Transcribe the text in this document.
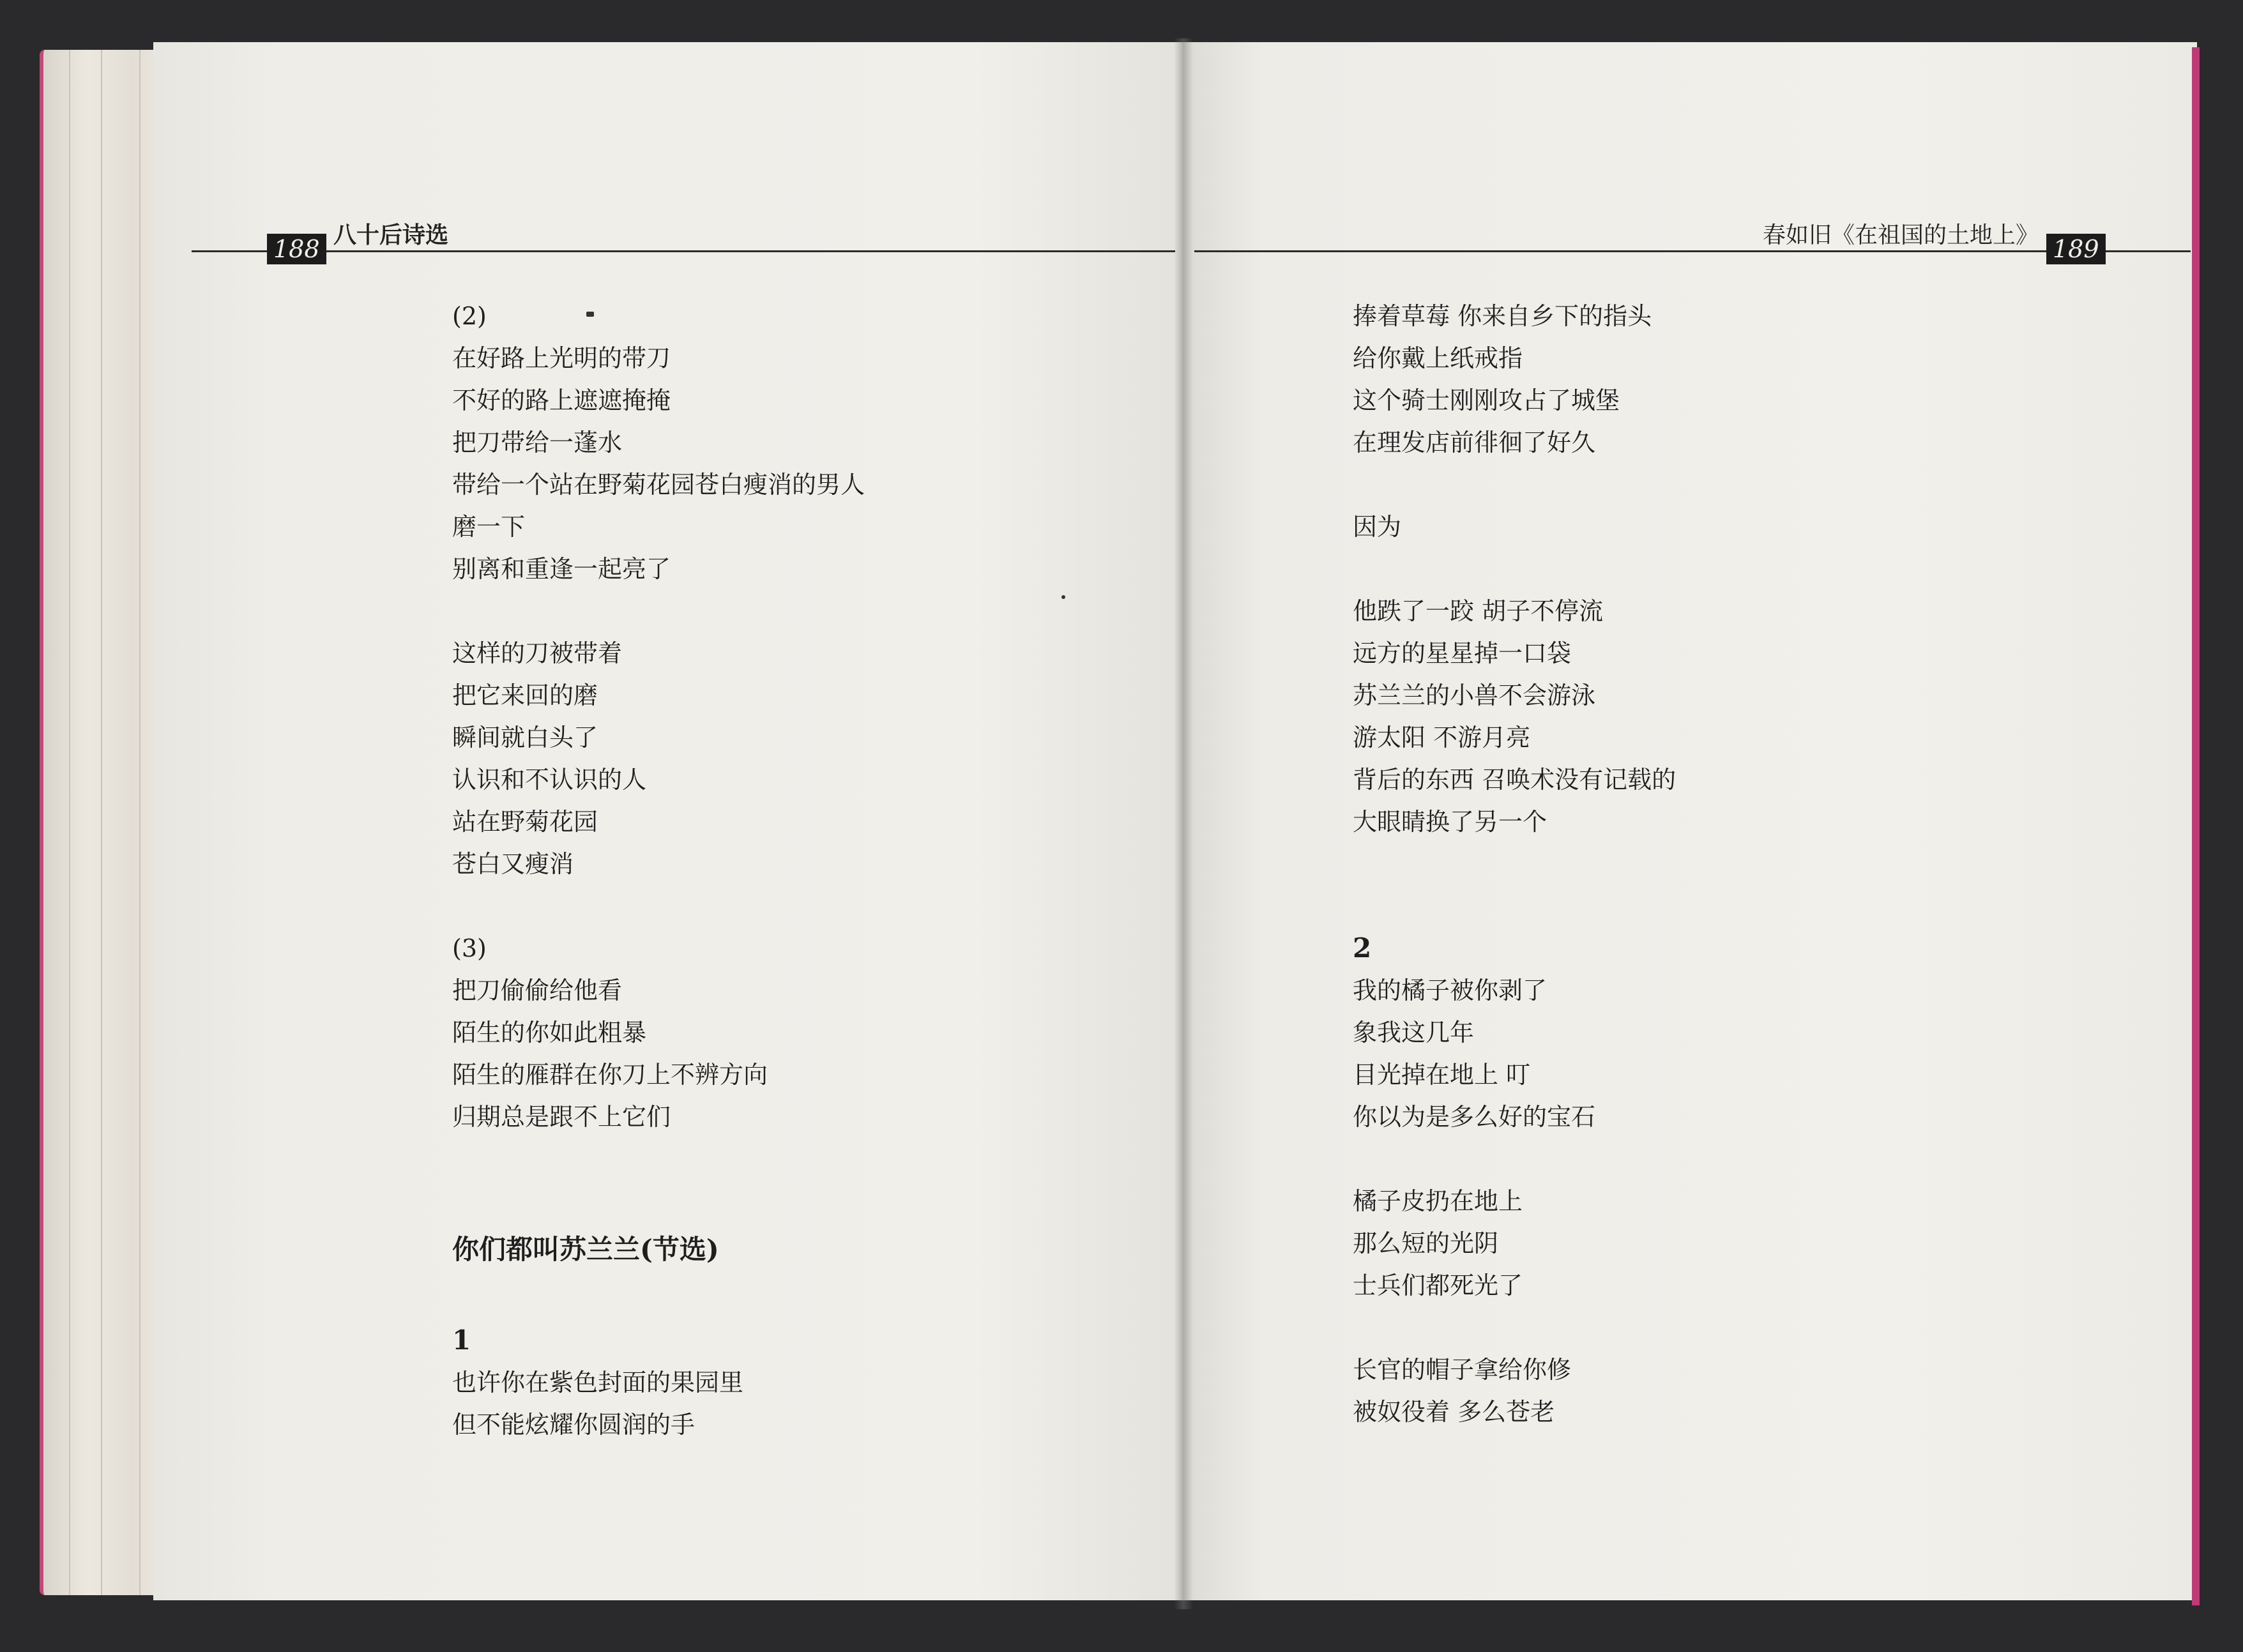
188 八十后诗选	春如旧《在祖国的土地上》 189
(2)
在好路上光明的带刀
不好的路上遮遮掩掩
把刀带给一蓬水
带给一个站在野菊花园苍白瘦消的男人
磨一下
别离和重逢一起亮了
这样的刀被带着
把它来回的磨
瞬间就白头了
认识和不认识的人
站在野菊花园
苍白又瘦消
(3)
把刀偷偷给他看
陌生的你如此粗暴
陌生的雁群在你刀上不辨方向
归期总是跟不上它们
你们都叫苏兰兰(节选)
1
也许你在紫色封面的果园里
但不能炫耀你圆润的手
捧着草莓 你来自乡下的指头
给你戴上纸戒指
这个骑士刚刚攻占了城堡
在理发店前徘徊了好久
因为
他跌了一跤 胡子不停流
远方的星星掉一口袋
苏兰兰的小兽不会游泳
游太阳 不游月亮
背后的东西 召唤术没有记载的
大眼睛换了另一个
2
我的橘子被你剥了
象我这几年
目光掉在地上 叮
你以为是多么好的宝石
橘子皮扔在地上
那么短的光阴
士兵们都死光了
长官的帽子拿给你修
被奴役着 多么苍老
